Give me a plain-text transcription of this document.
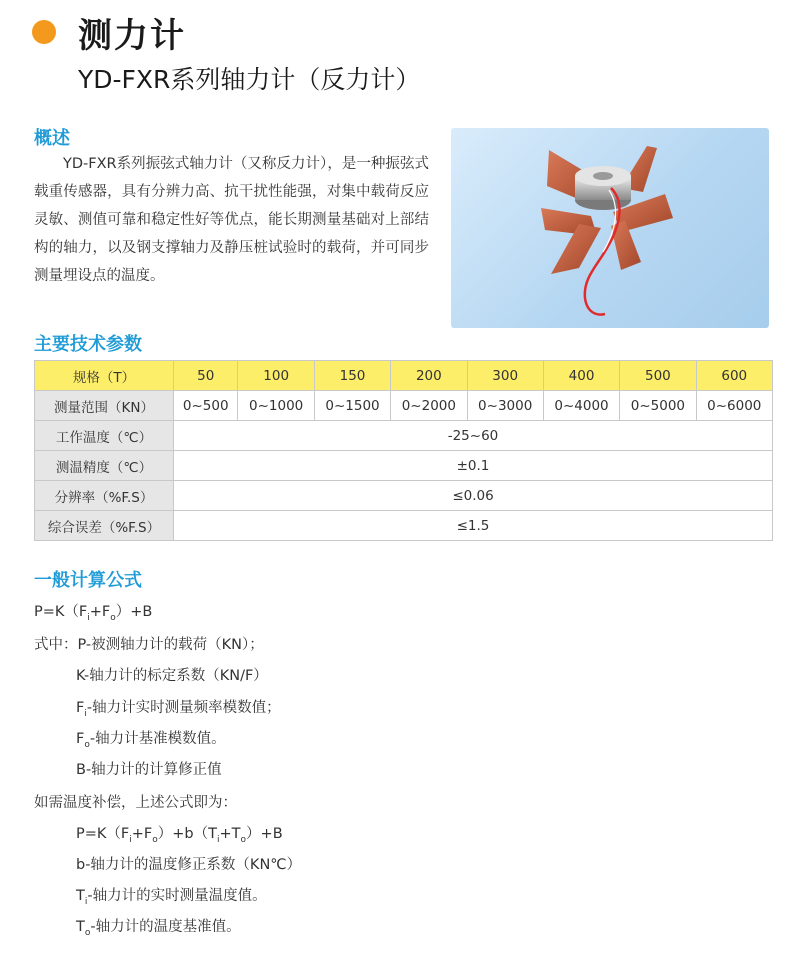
测力计
YD-FXR系列轴力计（反力计）
概述
YD-FXR系列振弦式轴力计（又称反力计），是一种振弦式载重传感器，具有分辨力高、抗干扰性能强，对集中载荷反应灵敏、测值可靠和稳定性好等优点，能长期测量基础对上部结构的轴力，以及钢支撑轴力及静压桩试验时的载荷，并可同步测量埋设点的温度。
主要技术参数
规格（T）	50	100	150	200	300	400	500	600
测量范围（KN）	0~500	0~1000	0~1500	0~2000	0~3000	0~4000	0~5000	0~6000
工作温度（℃）	-25~60							
测温精度（℃）	±0.1							
分辨率（%F.S）	≤0.06							
综合误差（%F.S）	≤1.5							
一般计算公式
$P=K(F_i+F_o)+B$
式中：P-被测轴力计的载荷（KN）；
K-轴力计的标定系数（KN/F）
$F_i-$轴力计实时测量频率模数值；
$F_o-$轴力计基准模数值。
B-轴力计的计算修正值
如需温度补偿，上述公式即为：
$P=K(F_i+F_o)+b(T_i+T_o)+B$
b-轴力计的温度修正系数（KN℃）
$T_i-$轴力计的实时测量温度值。
$T_o-$轴力计的温度基准值。
